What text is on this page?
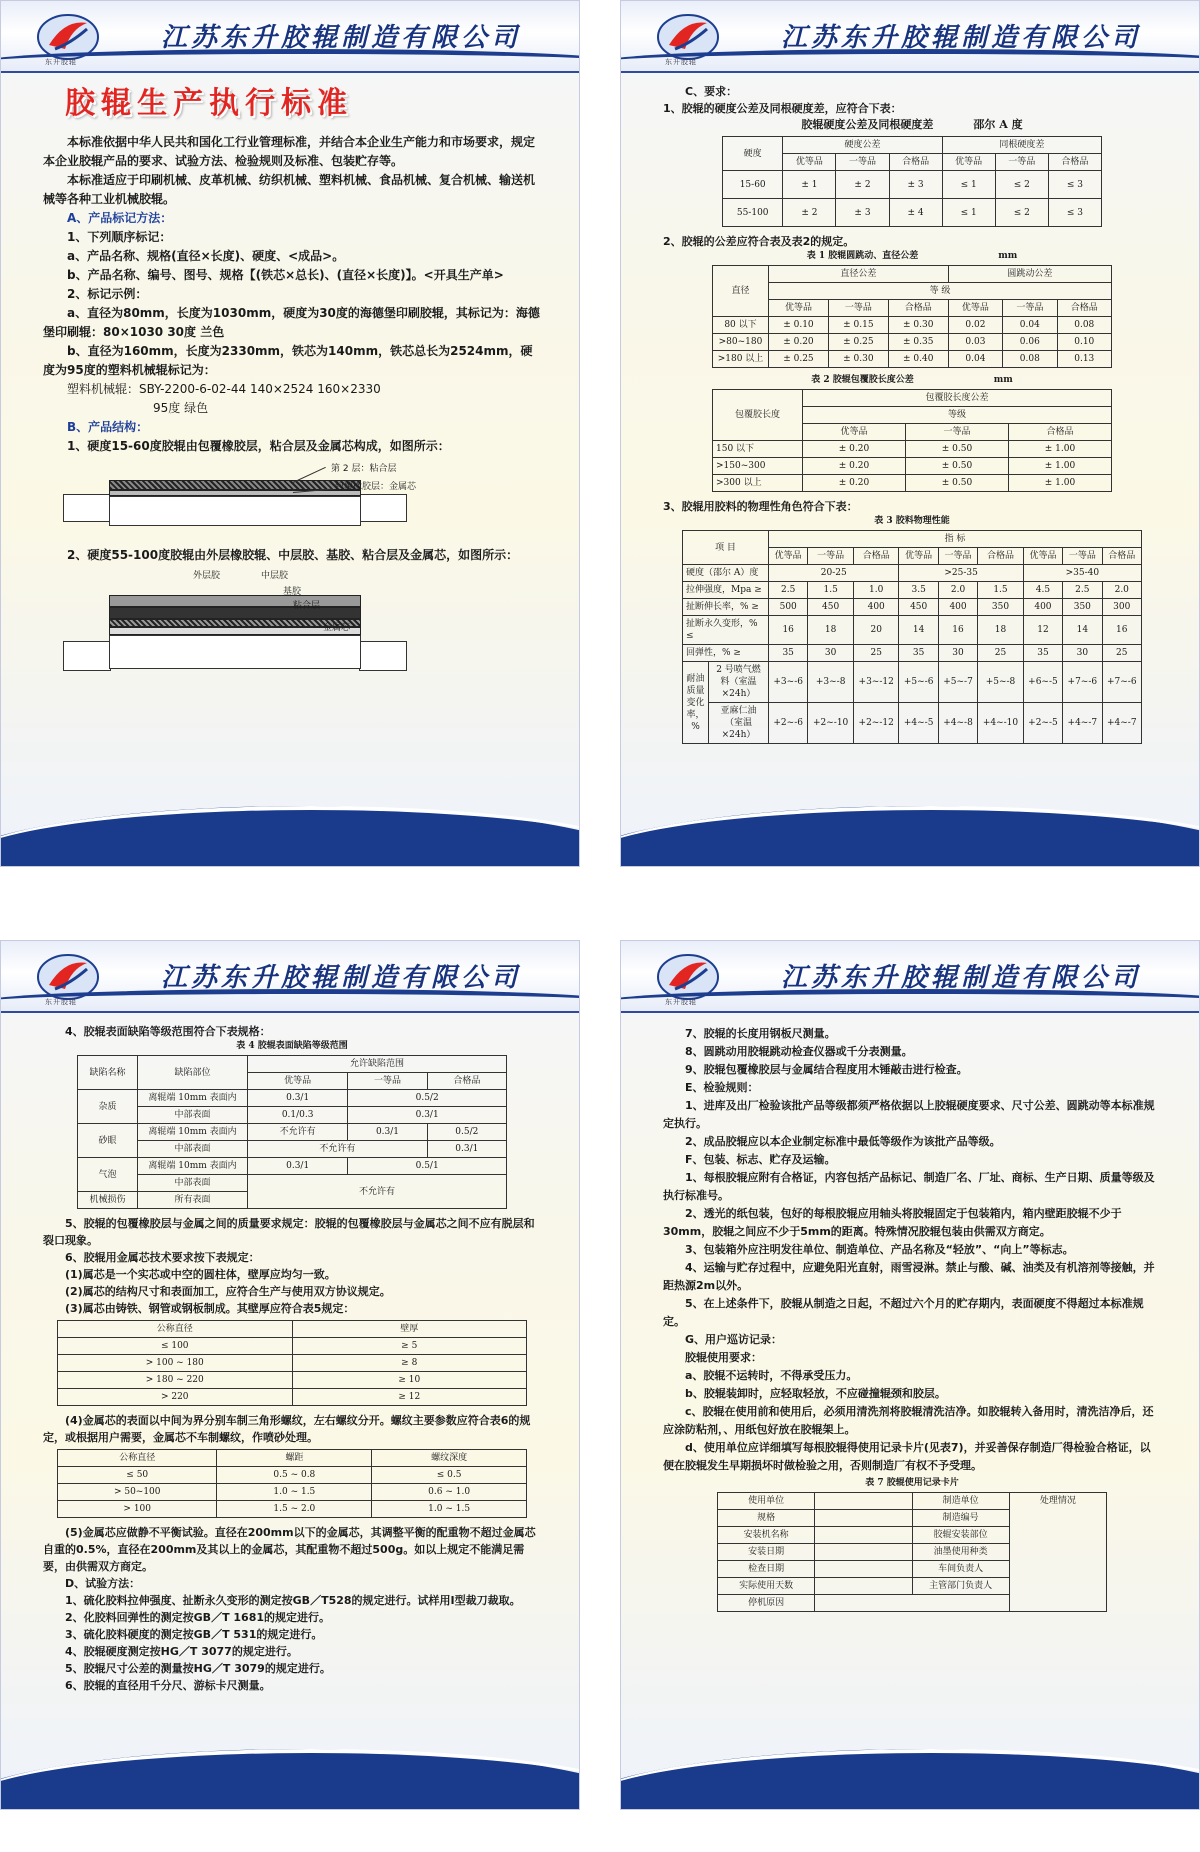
东升胶辊
江苏东升胶辊制造有限公司
胶辊生产执行标准

本标准依据中华人民共和国化工行业管理标准，并结合本企业生产能力和市场要求，规定本企业胶辊产品的要求、试验方法、检验规则及标准、包装贮存等。

本标准适应于印刷机械、皮革机械、纺织机械、塑料机械、食品机械、复合机械、输送机械等各种工业机械胶辊。

A、产品标记方法：

1、下列顺序标记：

a、产品名称、规格(直径×长度)、硬度、<成品>。

b、产品名称、编号、图号、规格【(铁芯×总长)、(直径×长度)】。<开具生产单>

2、标记示例：

a、直径为80mm，长度为1030mm，硬度为30度的海德堡印刷胶辊，其标记为：海德堡印刷辊：80×1030 30度 兰色

b、直径为160mm，长度为2330mm，铁芯为140mm，铁芯总长为2524mm，硬度为95度的塑料机械辊标记为：

塑料机械辊：SBY-2200-6-02-44 140×2524 160×2330

95度 绿色

B、产品结构：

1、硬度15-60度胶辊由包覆橡胶层，粘合层及金属芯构成，如图所示：

第 2 层：粘合层
包覆橡胶层：金属芯

2、硬度55-100度胶辊由外层橡胶辊、中层胶、基胶、粘合层及金属芯，如图所示：

外层胶	中层胶
基胶
粘合层
金属芯
东升胶辊
江苏东升胶辊制造有限公司

C、要求：

1、胶辊的硬度公差及同根硬度差，应符合下表：

胶辊硬度公差及同根硬度差	邵尔 A 度
硬度	硬度公差			同根硬度差		
	优等品	一等品	合格品	优等品	一等品	合格品
15-60	± 1	± 2	± 3	≤ 1	≤ 2	≤ 3
55-100	± 2	± 3	± 4	≤ 1	≤ 2	≤ 3

2、胶辊的公差应符合表及表2的规定。

表 1 胶辊圆跳动、直径公差	mm
直径	直径公差			圆跳动公差		
	等 级					
	优等品	一等品	合格品	优等品	一等品	合格品
80 以下	± 0.10	± 0.15	± 0.30	0.02	0.04	0.08
>80~180	± 0.20	± 0.25	± 0.35	0.03	0.06	0.10
>180 以上	± 0.25	± 0.30	± 0.40	0.04	0.08	0.13
表 2 胶辊包覆胶长度公差	mm
包覆胶长度	包覆胶长度公差		
	等级		
	优等品	一等品	合格品
150 以下	± 0.20	± 0.50	± 1.00
>150~300	± 0.20	± 0.50	± 1.00
>300 以上	± 0.20	± 0.50	± 1.00

3、胶辊用胶料的物理性角色符合下表：

表 3 胶料物理性能
项 目		指 标								
		优等品	一等品	合格品	优等品	一等品	合格品	优等品	一等品	合格品
硬度（邵尔 A）度		20-25			>25-35			>35-40		
拉伸强度，Mpa ≥		2.5	1.5	1.0	3.5	2.0	1.5	4.5	2.5	2.0
扯断伸长率，% ≥		500	450	400	450	400	350	400	350	300
扯断永久变形，% ≤		16	18	20	14	16	18	12	14	16
回弹性，% ≥		35	30	25	35	30	25	35	30	25
耐油质量变化率，%	2 号喷气燃料（室温×24h）	+3~-6	+3~-8	+3~-12	+5~-6	+5~-7	+5~-8	+6~-5	+7~-6	+7~-6
	亚麻仁油（室温×24h）	+2~-6	+2~-10	+2~-12	+4~-5	+4~-8	+4~-10	+2~-5	+4~-7	+4~-7
东升胶辊
江苏东升胶辊制造有限公司

4、胶辊表面缺陷等级范围符合下表规格：

表 4 胶辊表面缺陷等级范围
缺陷名称	缺陷部位	允许缺陷范围		
		优等品	一等品	合格品
杂质	离辊端 10mm 表面内	0.3/1	0.5/2	
	中部表面	0.1/0.3	0.3/1	
砂眼	离辊端 10mm 表面内	不允许有	0.3/1	0.5/2
	中部表面	不允许有		0.3/1
气泡	离辊端 10mm 表面内	0.3/1	0.5/1	
	中部表面	不允许有		
机械损伤	所有表面			

5、胶辊的包覆橡胶层与金属之间的质量要求规定：胶辊的包覆橡胶层与金属芯之间不应有脱层和裂口现象。

6、胶辊用金属芯技术要求按下表规定：

(1)属芯是一个实芯或中空的圆柱体，壁厚应均匀一致。

(2)属芯的结构尺寸和表面加工，应符合生产与使用双方协议规定。

(3)属芯由铸铁、钢管或钢板制成。其壁厚应符合表5规定：

公称直径	壁厚
≤ 100	≥ 5
> 100 ~ 180	≥ 8
> 180 ~ 220	≥ 10
> 220	≥ 12

(4)金属芯的表面以中间为界分别车制三角形螺纹，左右螺纹分开。螺纹主要参数应符合表6的规定，或根据用户需要，金属芯不车制螺纹，作喷砂处理。

公称直径	螺距	螺纹深度
≤ 50	0.5 ~ 0.8	≤ 0.5
> 50~100	1.0 ~ 1.5	0.6 ~ 1.0
> 100	1.5 ~ 2.0	1.0 ~ 1.5

(5)金属芯应做静不平衡试验。直径在200mm以下的金属芯，其调整平衡的配重物不超过金属芯自重的0.5%，直径在200mm及其以上的金属芯，其配重物不超过500g。如以上规定不能满足需要，由供需双方商定。

D、试验方法：

1、硫化胶料拉伸强度、扯断永久变形的测定按GB／T528的规定进行。试样用I型裁刀裁取。

2、化胶料回弹性的测定按GB／T 1681的规定进行。

3、硫化胶料硬度的测定按GB／T 531的规定进行。

4、胶辊硬度测定按HG／T 3077的规定进行。

5、胶辊尺寸公差的测量按HG／T 3079的规定进行。

6、胶辊的直径用千分尺、游标卡尺测量。

东升胶辊
江苏东升胶辊制造有限公司

7、胶辊的长度用钢板尺测量。

8、圆跳动用胶辊跳动检查仪器或千分表测量。

9、胶辊包覆橡胶层与金属结合程度用木锤敲击进行检查。

E、检验规则：

1、进库及出厂检验该批产品等级都须严格依据以上胶辊硬度要求、尺寸公差、圆跳动等本标准规定执行。

2、成品胶辊应以本企业制定标准中最低等级作为该批产品等级。

F、包装、标志、贮存及运输。

1、每根胶辊应附有合格证，内容包括产品标记、制造厂名、厂址、商标、生产日期、质量等级及执行标准号。

2、透光的纸包装，包好的每根胶辊应用轴头将胶辊固定于包装箱内，箱内壁距胶辊不少于30mm，胶辊之间应不少于5mm的距离。特殊情况胶辊包装由供需双方商定。

3、包装箱外应注明发往单位、制造单位、产品名称及“轻放”、“向上”等标志。

4、运输与贮存过程中，应避免阳光直射，雨雪浸淋。禁止与酸、碱、油类及有机溶剂等接触，并距热源2m以外。

5、在上述条件下，胶辊从制造之日起，不超过六个月的贮存期内，表面硬度不得超过本标准规定。

G、用户巡访记录：

胶辊使用要求：

a、胶辊不运转时，不得承受压力。

b、胶辊装卸时，应轻取轻放，不应碰撞辊颈和胶层。

c、胶辊在使用前和使用后，必须用清洗剂将胶辊清洗洁净。如胶辊转入备用时，清洗洁净后，还应涂防粘剂，、用纸包好放在胶辊架上。

d、使用单位应详细填写每根胶辊得使用记录卡片(见表7)，并妥善保存制造厂得检验合格证，以便在胶辊发生早期损坏时做检验之用，否则制造厂有权不予受理。

表 7 胶辊使用记录卡片
使用单位		制造单位	处理情况
规格		制造编号	
安装机名称		胶辊安装部位	
安装日期		油墨使用种类	
检查日期		车间负责人	
实际使用天数		主管部门负责人	
停机原因			
